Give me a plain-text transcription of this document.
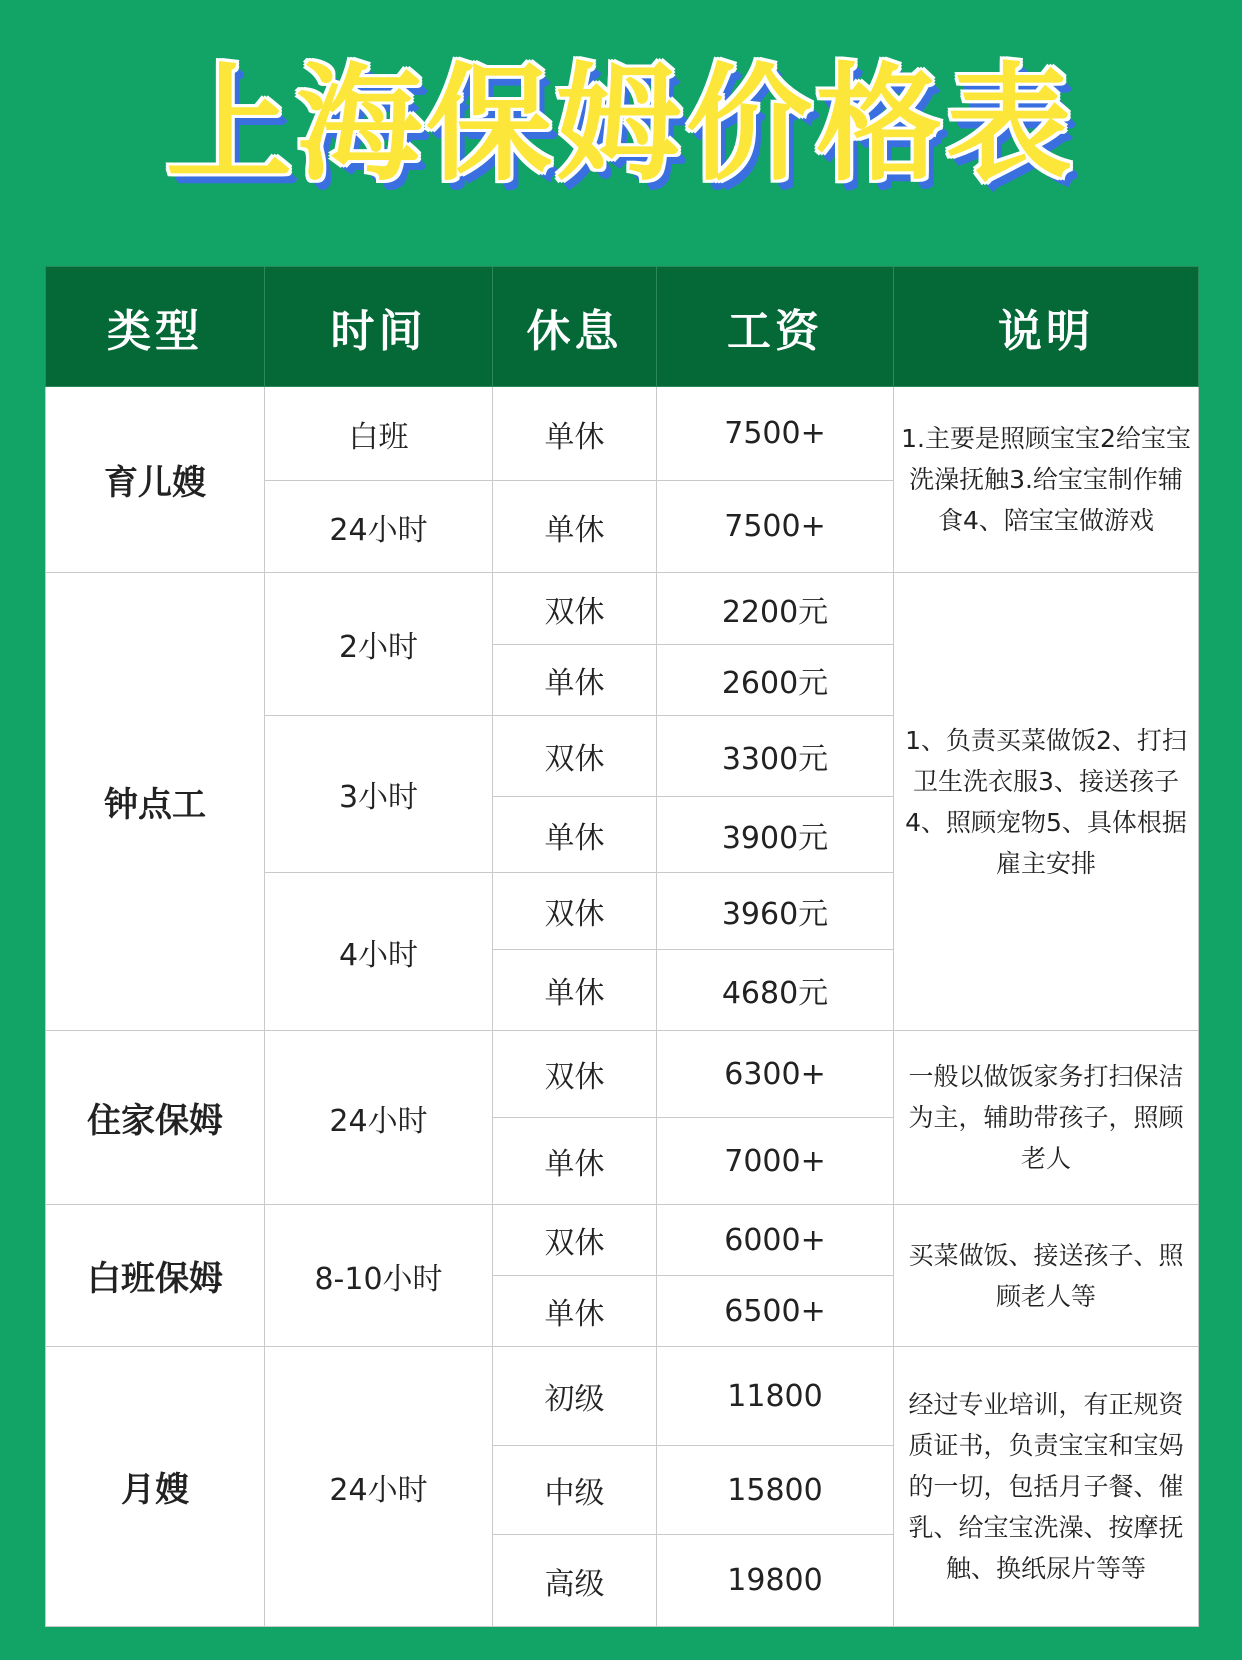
上海保姆价格表
类型	时间	休息	工资	说明
育儿嫂	白班	单休	7500+	1.主要是照顾宝宝2给宝宝洗澡抚触3.给宝宝制作辅食4、陪宝宝做游戏
	24小时	单休	7500+	
钟点工	2小时	双休	2200元	1、负责买菜做饭2、打扫卫生洗衣服3、接送孩子4、照顾宠物5、具体根据雇主安排
		单休	2600元	
	3小时	双休	3300元	
		单休	3900元	
	4小时	双休	3960元	
		单休	4680元	
住家保姆	24小时	双休	6300+	一般以做饭家务打扫保洁为主，辅助带孩子，照顾老人
		单休	7000+	
白班保姆	8-10小时	双休	6000+	买菜做饭、接送孩子、照顾老人等
		单休	6500+	
月嫂	24小时	初级	11800	经过专业培训，有正规资质证书，负责宝宝和宝妈的一切，包括月子餐、催乳、给宝宝洗澡、按摩抚触、换纸尿片等等
		中级	15800	
		高级	19800	
